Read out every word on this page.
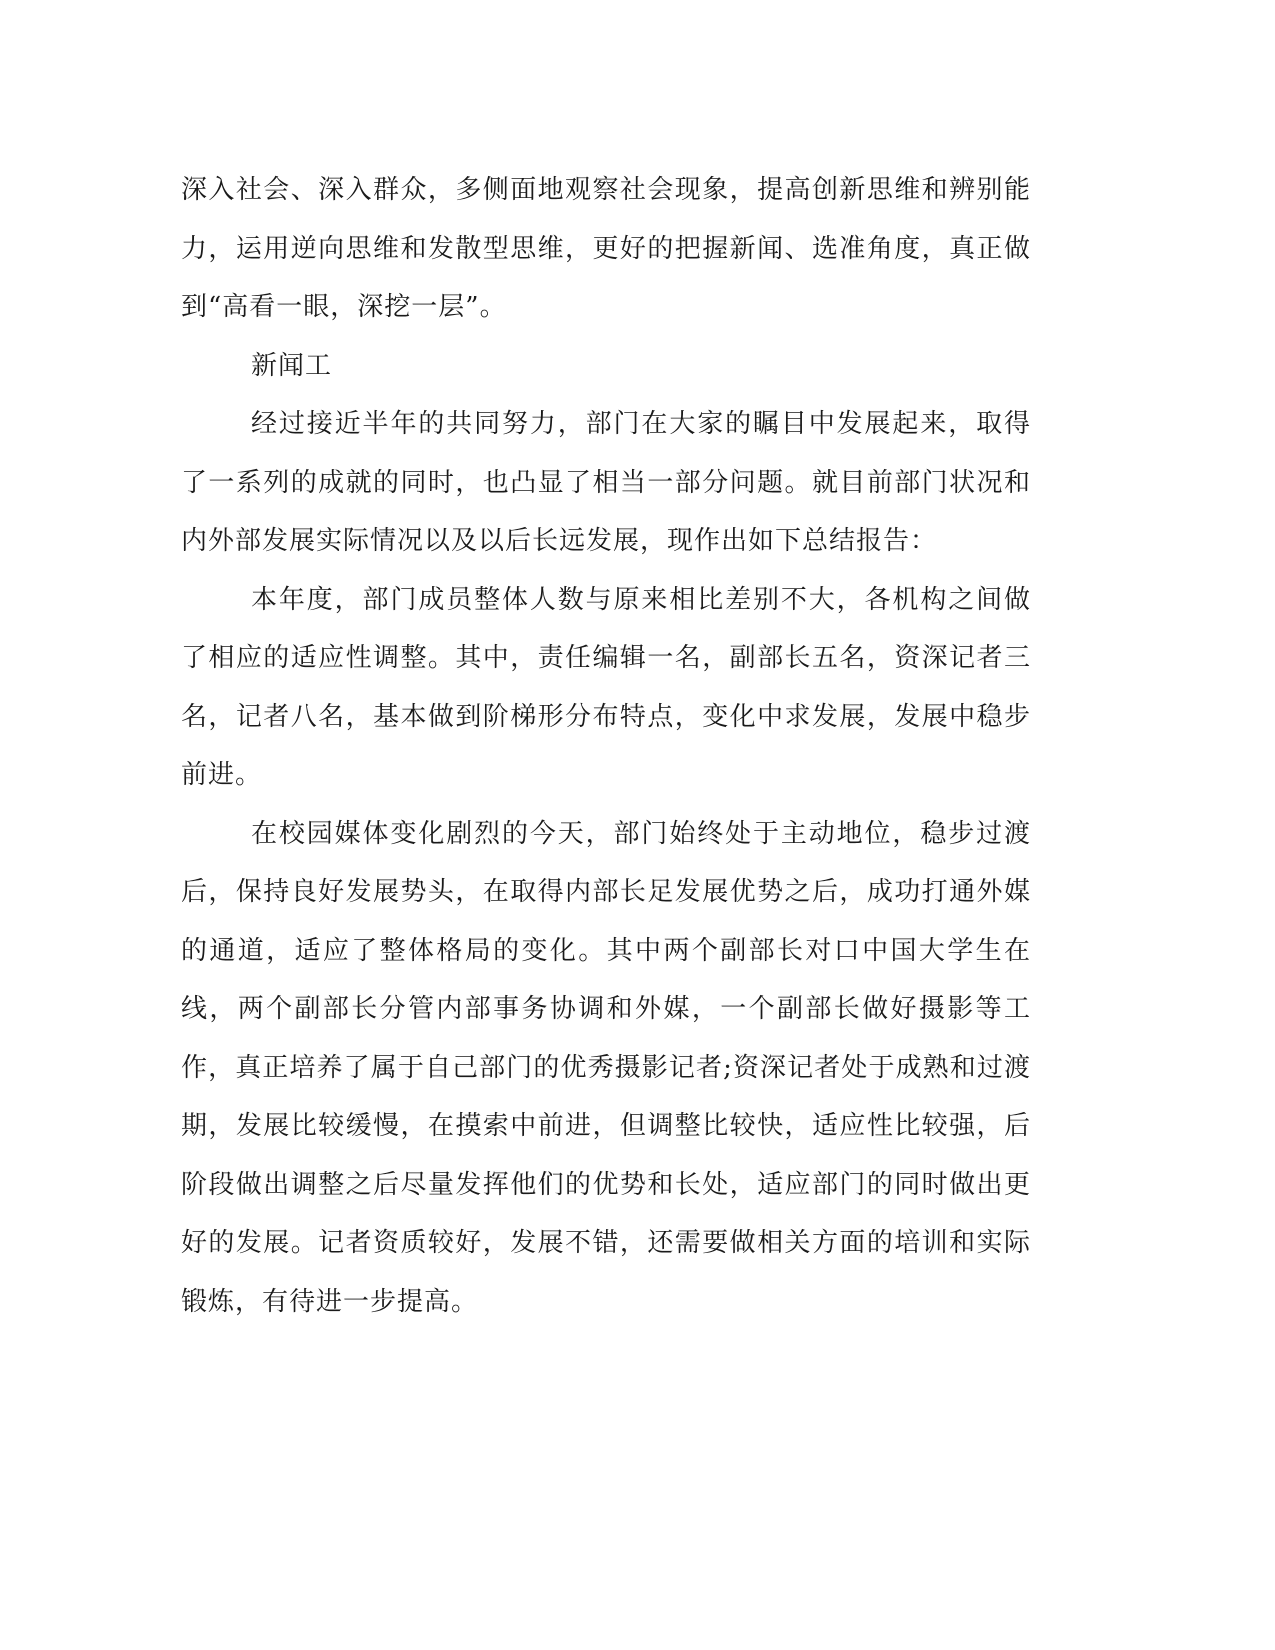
深入社会、深入群众，多侧面地观察社会现象，提高创新思维和辨别能力，运用逆向思维和发散型思维，更好的把握新闻、选准角度，真正做到“高看一眼，深挖一层”。

新闻工

经过接近半年的共同努力，部门在大家的瞩目中发展起来，取得了一系列的成就的同时，也凸显了相当一部分问题。就目前部门状况和内外部发展实际情况以及以后长远发展，现作出如下总结报告：

本年度，部门成员整体人数与原来相比差别不大，各机构之间做了相应的适应性调整。其中，责任编辑一名，副部长五名，资深记者三名，记者八名，基本做到阶梯形分布特点，变化中求发展，发展中稳步前进。

在校园媒体变化剧烈的今天，部门始终处于主动地位，稳步过渡后，保持良好发展势头，在取得内部长足发展优势之后，成功打通外媒的通道，适应了整体格局的变化。其中两个副部长对口中国大学生在线，两个副部长分管内部事务协调和外媒，一个副部长做好摄影等工作，真正培养了属于自己部门的优秀摄影记者;资深记者处于成熟和过渡期，发展比较缓慢，在摸索中前进，但调整比较快，适应性比较强，后阶段做出调整之后尽量发挥他们的优势和长处，适应部门的同时做出更好的发展。记者资质较好，发展不错，还需要做相关方面的培训和实际锻炼，有待进一步提高。
